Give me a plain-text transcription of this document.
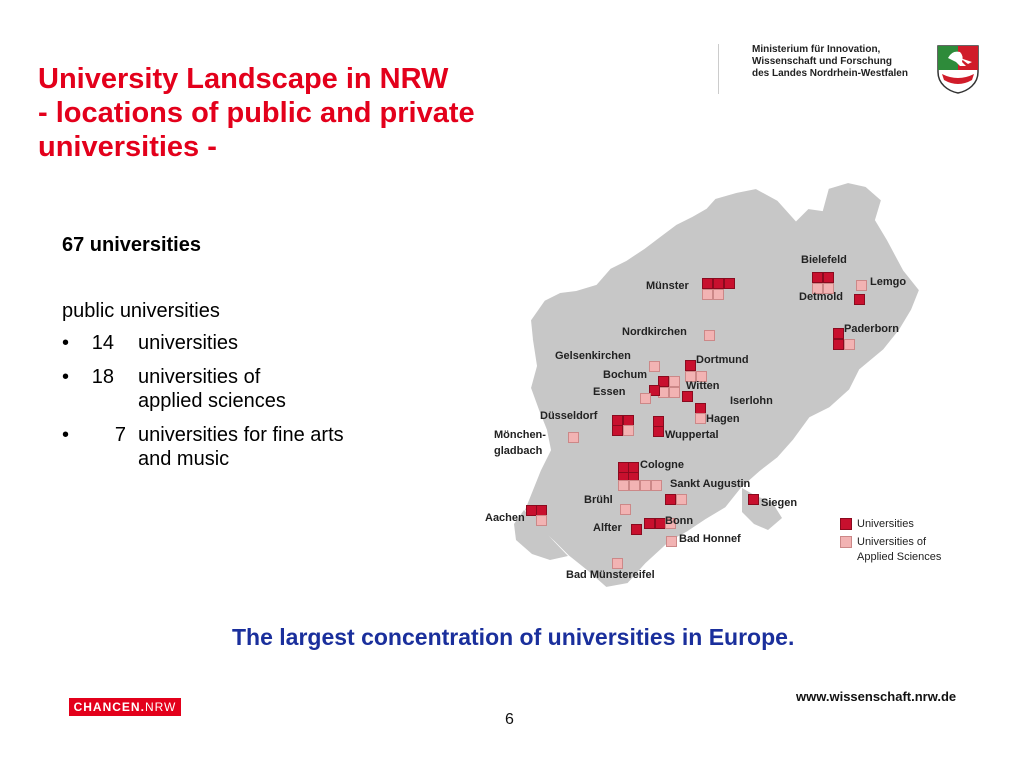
University Landscape in NRW
- locations of public and private
universities -
Ministerium für Innovation,
Wissenschaft und Forschung
des Landes Nordrhein-Westfalen
67 universities
public universities
•	14 universities
•	18 universities of
applied sciences
•	7 universities for fine arts
and music
Bielefeld
Lemgo
Detmold
Münster
Paderborn
Nordkirchen
Gelsenkirchen	Dortmund
Bochum
Essen	Witten
Iserlohn
Düsseldorf	Hagen
Mönchen-
gladbach
Wuppertal
Cologne
Sankt Augustin
Brühl	Siegen
Aachen	Bonn
Alfter
Bad Honnef
Bad Münstereifel
Universities
Universities of
Applied Sciences
The largest concentration of universities in Europe.
CHANCEN.NRW
www.wissenschaft.nrw.de
6
